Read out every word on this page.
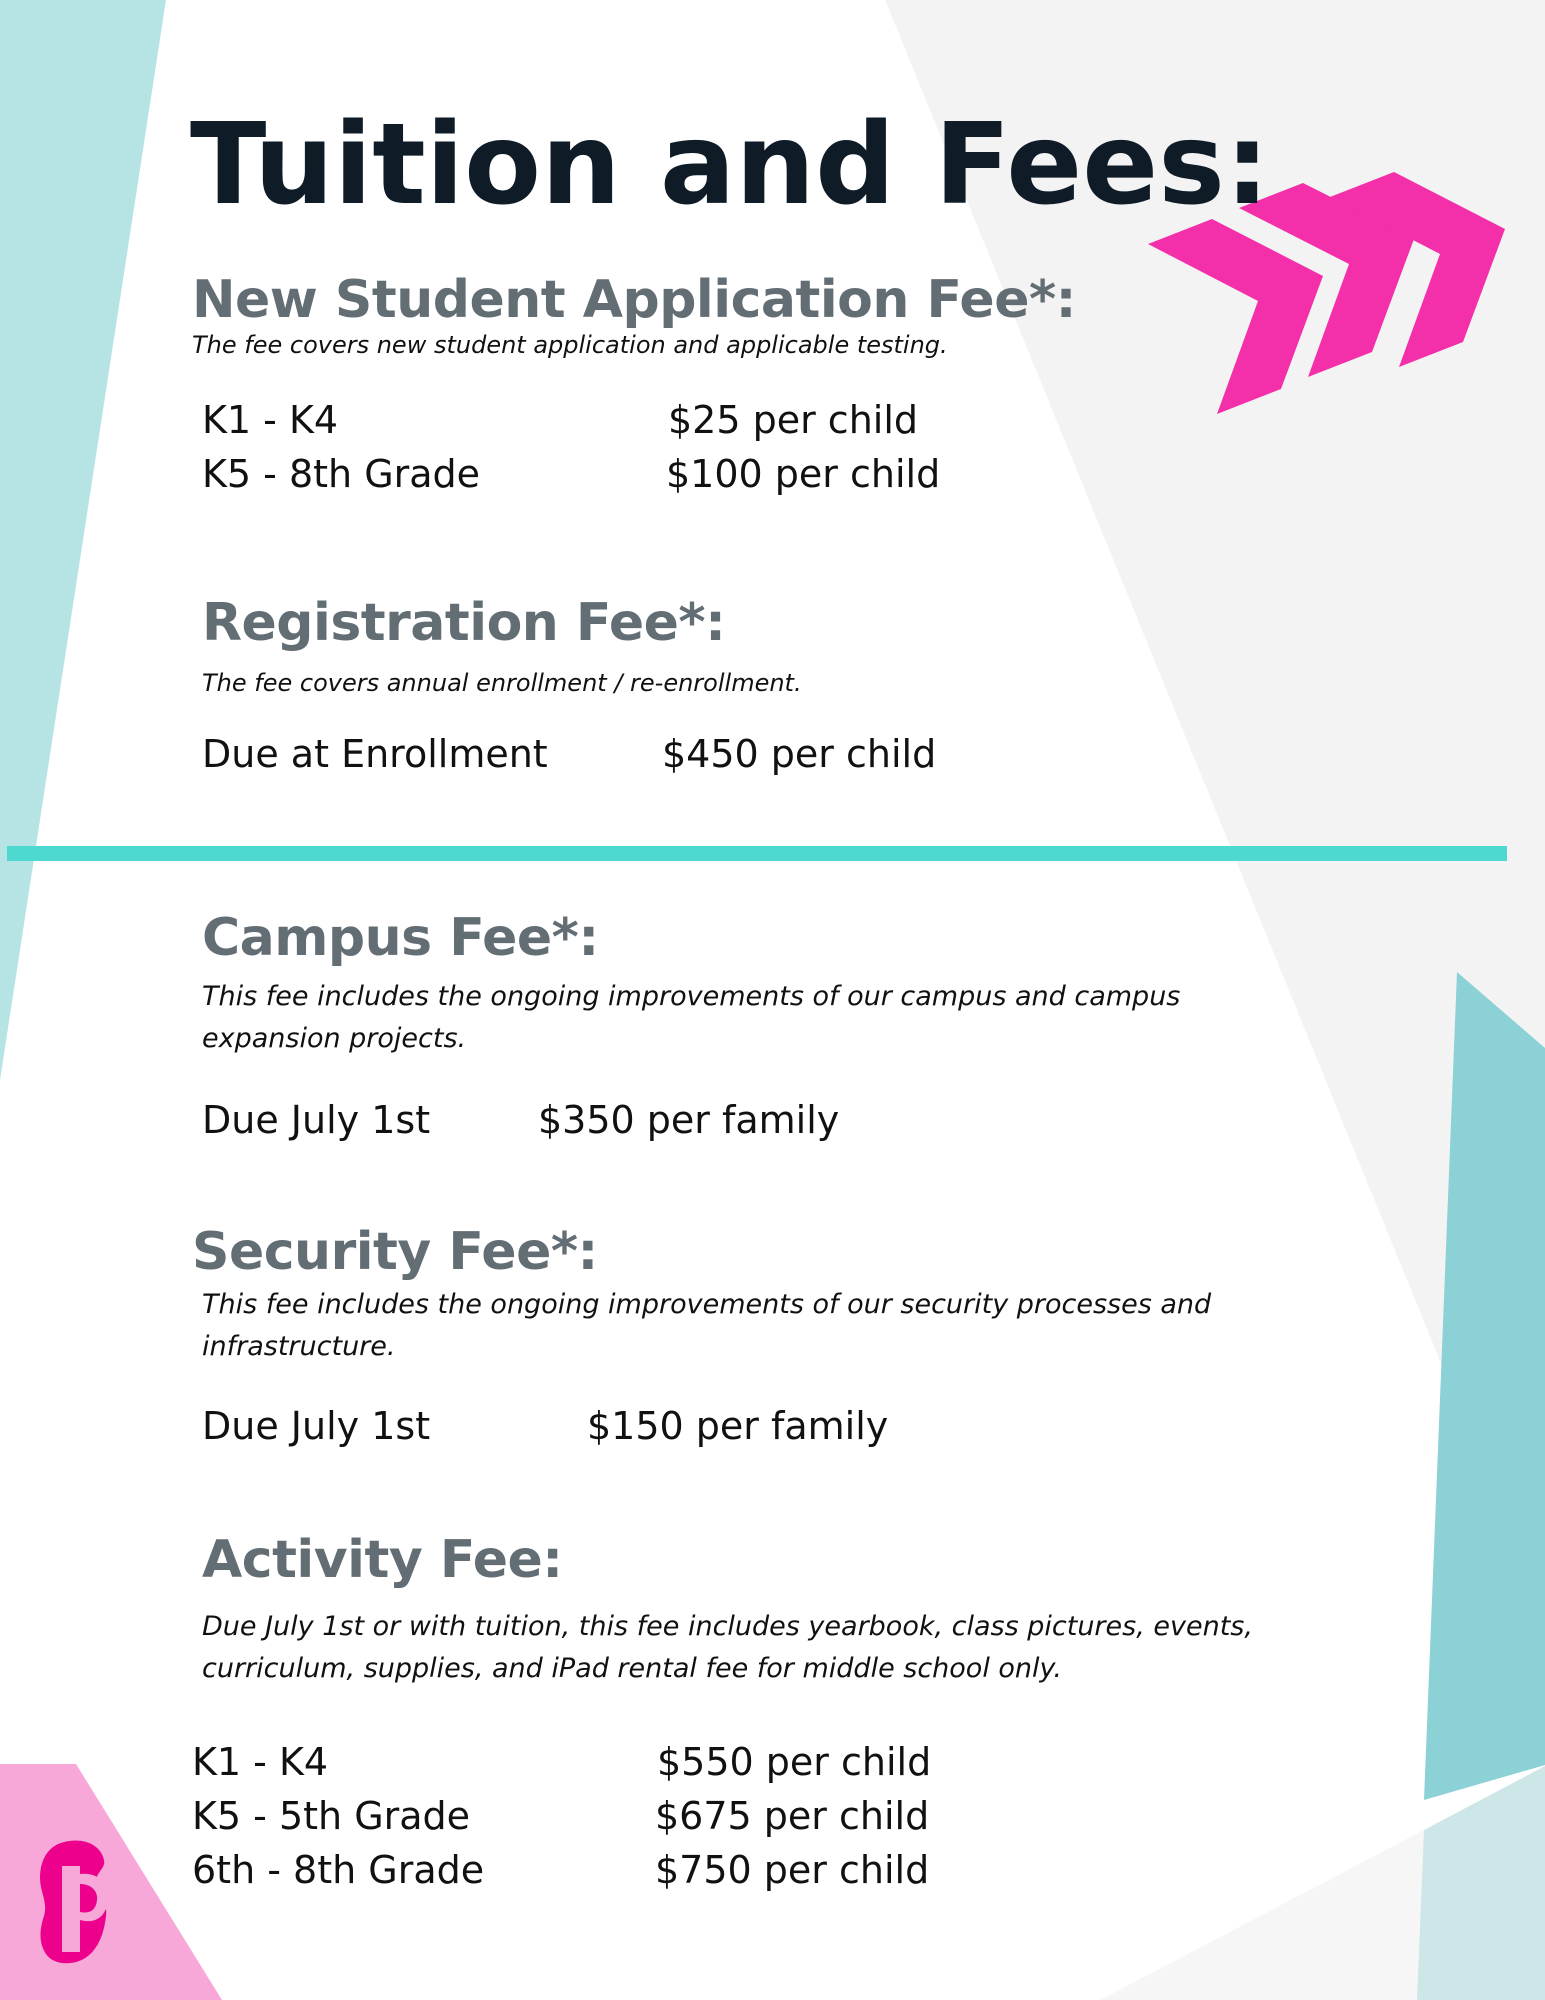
Tuition and Fees:
New Student Application Fee*:
The fee covers new student application and applicable testing.
K1 - K4	$25 per child
K5 - 8th Grade	$100 per child
Registration Fee*:
The fee covers annual enrollment / re-enrollment.
Due at Enrollment	$450 per child
Campus Fee*:
This fee includes the ongoing improvements of our campus and campus expansion projects.
Due July 1st	$350 per family
Security Fee*:
This fee includes the ongoing improvements of our security processes and infrastructure.
Due July 1st	$150 per family
Activity Fee:
Due July 1st or with tuition, this fee includes yearbook, class pictures, events, curriculum, supplies, and iPad rental fee for middle school only.
K1 - K4	$550 per child
K5 - 5th Grade	$675 per child
6th - 8th Grade	$750 per child
